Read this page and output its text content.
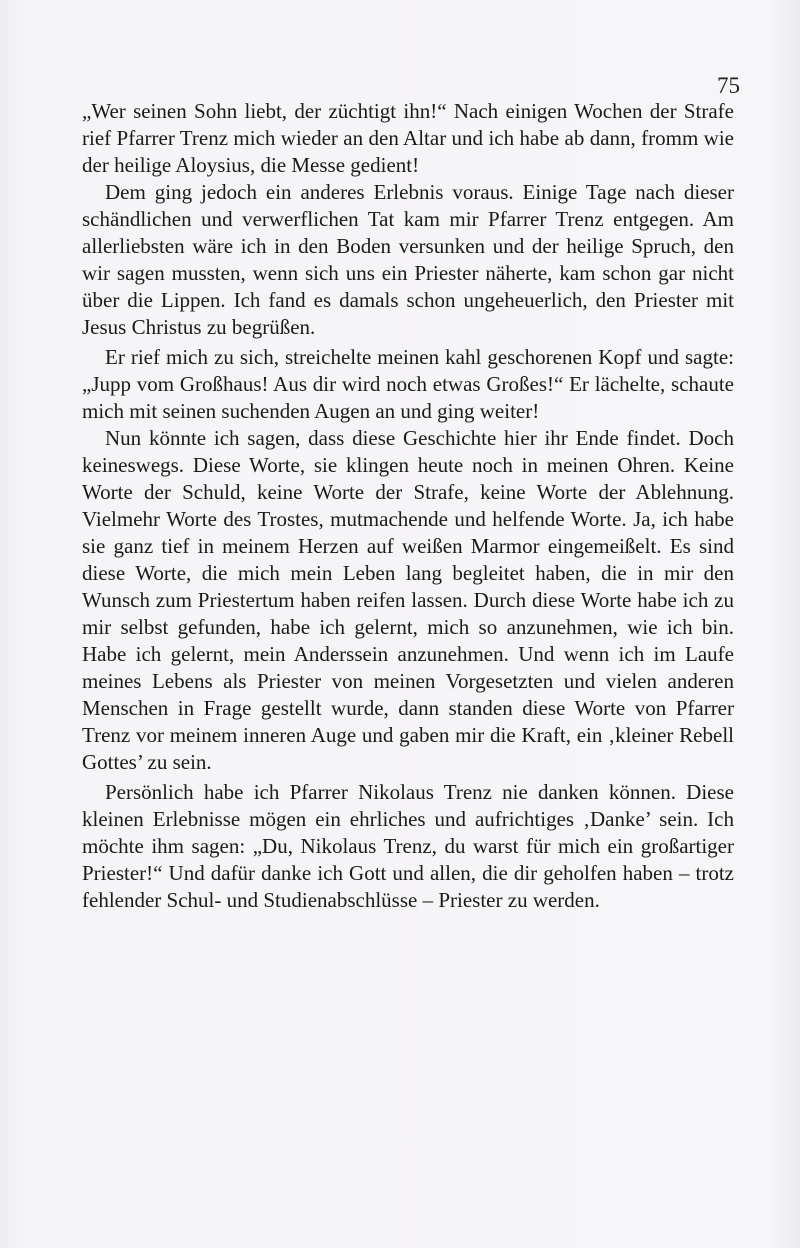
75

„Wer seinen Sohn liebt, der züchtigt ihn!“ Nach einigen Wochen der Strafe rief Pfarrer Trenz mich wieder an den Altar und ich habe ab dann, fromm wie der heilige Aloysius, die Messe gedient!

Dem ging jedoch ein anderes Erlebnis voraus. Einige Tage nach dieser schändlichen und verwerflichen Tat kam mir Pfarrer Trenz entgegen. Am allerliebsten wäre ich in den Boden versunken und der heilige Spruch, den wir sagen mussten, wenn sich uns ein Priester näherte, kam schon gar nicht über die Lippen. Ich fand es damals schon ungeheuerlich, den Priester mit Jesus Christus zu begrüßen.

Er rief mich zu sich, streichelte meinen kahl geschorenen Kopf und sagte: „Jupp vom Großhaus! Aus dir wird noch etwas Großes!“ Er lächelte, schaute mich mit seinen suchenden Augen an und ging weiter!

Nun könnte ich sagen, dass diese Geschichte hier ihr Ende findet. Doch keineswegs. Diese Worte, sie klingen heute noch in meinen Ohren. Keine Worte der Schuld, keine Worte der Strafe, keine Worte der Ablehnung. Vielmehr Worte des Trostes, mutmachende und helfende Worte. Ja, ich habe sie ganz tief in meinem Herzen auf weißen Marmor eingemeißelt. Es sind diese Worte, die mich mein Leben lang begleitet haben, die in mir den Wunsch zum Priestertum haben reifen lassen. Durch diese Worte habe ich zu mir selbst gefunden, habe ich gelernt, mich so anzunehmen, wie ich bin. Habe ich gelernt, mein Anderssein anzunehmen. Und wenn ich im Laufe meines Lebens als Priester von meinen Vorgesetzten und vielen anderen Menschen in Frage gestellt wurde, dann standen diese Worte von Pfarrer Trenz vor meinem inneren Auge und gaben mir die Kraft, ein ‚kleiner Rebell Gottes’ zu sein.

Persönlich habe ich Pfarrer Nikolaus Trenz nie danken können. Diese kleinen Erlebnisse mögen ein ehrliches und aufrichtiges ‚Danke’ sein. Ich möchte ihm sagen: „Du, Nikolaus Trenz, du warst für mich ein großartiger Priester!“ Und dafür danke ich Gott und allen, die dir geholfen haben – trotz fehlender Schul- und Studienabschlüsse – Priester zu werden.
